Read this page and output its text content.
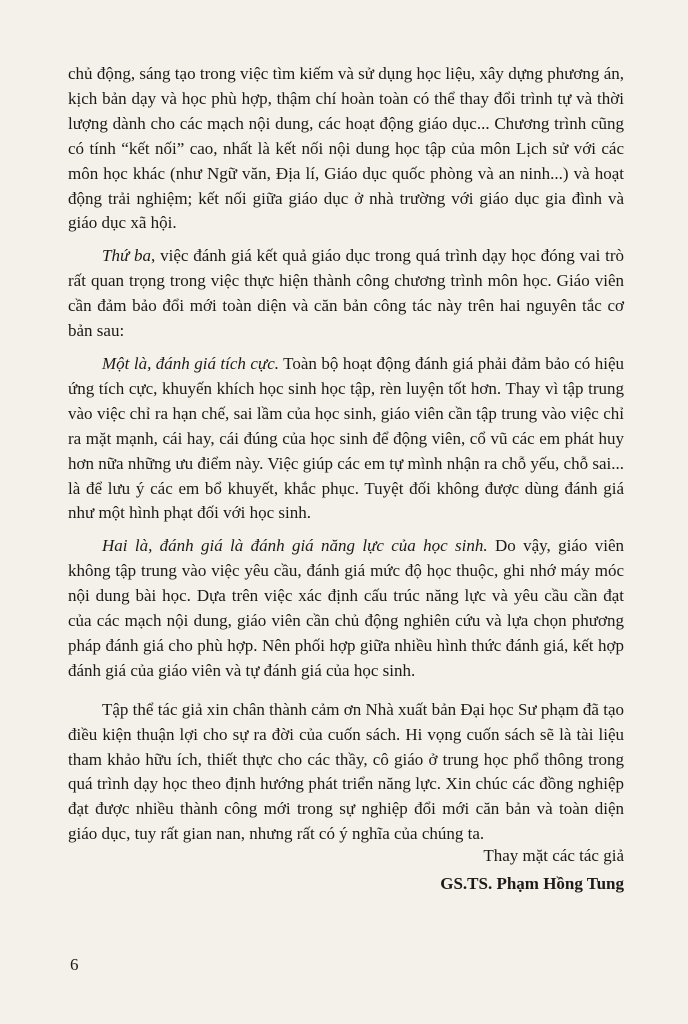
chủ động, sáng tạo trong việc tìm kiếm và sử dụng học liệu, xây dựng phương án, kịch bản dạy và học phù hợp, thậm chí hoàn toàn có thể thay đổi trình tự và thời lượng dành cho các mạch nội dung, các hoạt động giáo dục... Chương trình cũng có tính “kết nối” cao, nhất là kết nối nội dung học tập của môn Lịch sử với các môn học khác (như Ngữ văn, Địa lí, Giáo dục quốc phòng và an ninh...) và hoạt động trải nghiệm; kết nối giữa giáo dục ở nhà trường với giáo dục gia đình và giáo dục xã hội.

Thứ ba, việc đánh giá kết quả giáo dục trong quá trình dạy học đóng vai trò rất quan trọng trong việc thực hiện thành công chương trình môn học. Giáo viên cần đảm bảo đổi mới toàn diện và căn bản công tác này trên hai nguyên tắc cơ bản sau:

Một là, đánh giá tích cực. Toàn bộ hoạt động đánh giá phải đảm bảo có hiệu ứng tích cực, khuyến khích học sinh học tập, rèn luyện tốt hơn. Thay vì tập trung vào việc chỉ ra hạn chế, sai lầm của học sinh, giáo viên cần tập trung vào việc chỉ ra mặt mạnh, cái hay, cái đúng của học sinh để động viên, cổ vũ các em phát huy hơn nữa những ưu điểm này. Việc giúp các em tự mình nhận ra chỗ yếu, chỗ sai... là để lưu ý các em bổ khuyết, khắc phục. Tuyệt đối không được dùng đánh giá như một hình phạt đối với học sinh.

Hai là, đánh giá là đánh giá năng lực của học sinh. Do vậy, giáo viên không tập trung vào việc yêu cầu, đánh giá mức độ học thuộc, ghi nhớ máy móc nội dung bài học. Dựa trên việc xác định cấu trúc năng lực và yêu cầu cần đạt của các mạch nội dung, giáo viên cần chủ động nghiên cứu và lựa chọn phương pháp đánh giá cho phù hợp. Nên phối hợp giữa nhiều hình thức đánh giá, kết hợp đánh giá của giáo viên và tự đánh giá của học sinh.

Tập thể tác giả xin chân thành cảm ơn Nhà xuất bản Đại học Sư phạm đã tạo điều kiện thuận lợi cho sự ra đời của cuốn sách. Hi vọng cuốn sách sẽ là tài liệu tham khảo hữu ích, thiết thực cho các thầy, cô giáo ở trung học phổ thông trong quá trình dạy học theo định hướng phát triển năng lực. Xin chúc các đồng nghiệp đạt được nhiều thành công mới trong sự nghiệp đổi mới căn bản và toàn diện giáo dục, tuy rất gian nan, nhưng rất có ý nghĩa của chúng ta.

Thay mặt các tác giả
GS.TS. Phạm Hồng Tung
6
